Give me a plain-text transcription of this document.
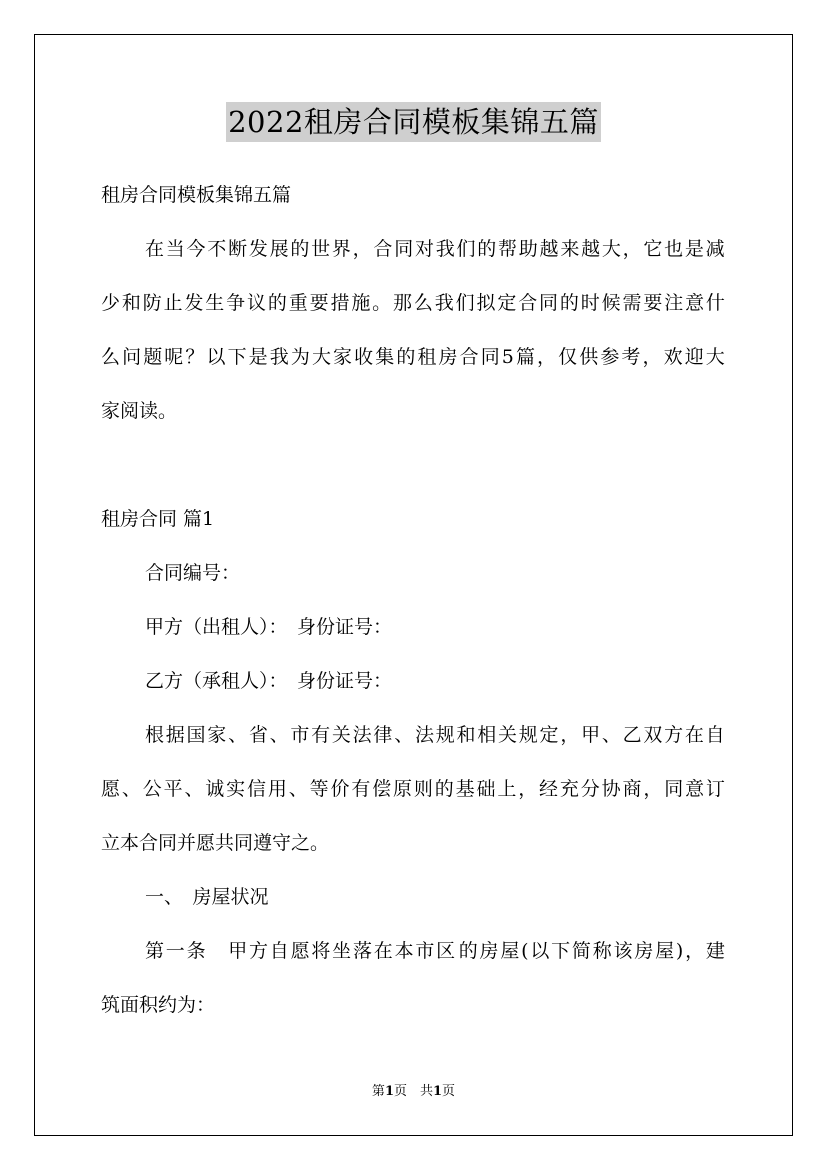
2022租房合同模板集锦五篇
租房合同模板集锦五篇
在 当 今 不 断 发 展 的 世 界 ， 合 同 对 我 们 的 帮 助 越 来 越 大 ， 它 也 是 减
少 和 防 止 发 生 争 议 的 重 要 措 施 。 那 么 我 们 拟 定 合 同 的 时 候 需 要 注 意 什
么 问 题 呢 ？ 以 下 是 我 为 大 家 收 集 的 租 房 合 同 5 篇 ， 仅 供 参 考 ， 欢 迎 大
家阅读。
租房合同 篇1
合同编号：
甲方（出租人）：　身份证号：
乙方（承租人）：　身份证号：
根 据 国 家 、 省 、 市 有 关 法 律 、 法 规 和 相 关 规 定 ， 甲 、 乙 双 方 在 自
愿 、 公 平 、 诚 实 信 用 、 等 价 有 偿 原 则 的 基 础 上 ， 经 充 分 协 商 ， 同 意 订
立本合同并愿共同遵守之。
一、　房屋状况
第 一 条
　 甲 方 自 愿 将 坐 落 在 本 市 区 的 房 屋 ( 以 下 简 称 该 房 屋 ) ， 建
筑面积约为：
第1页　共1页
